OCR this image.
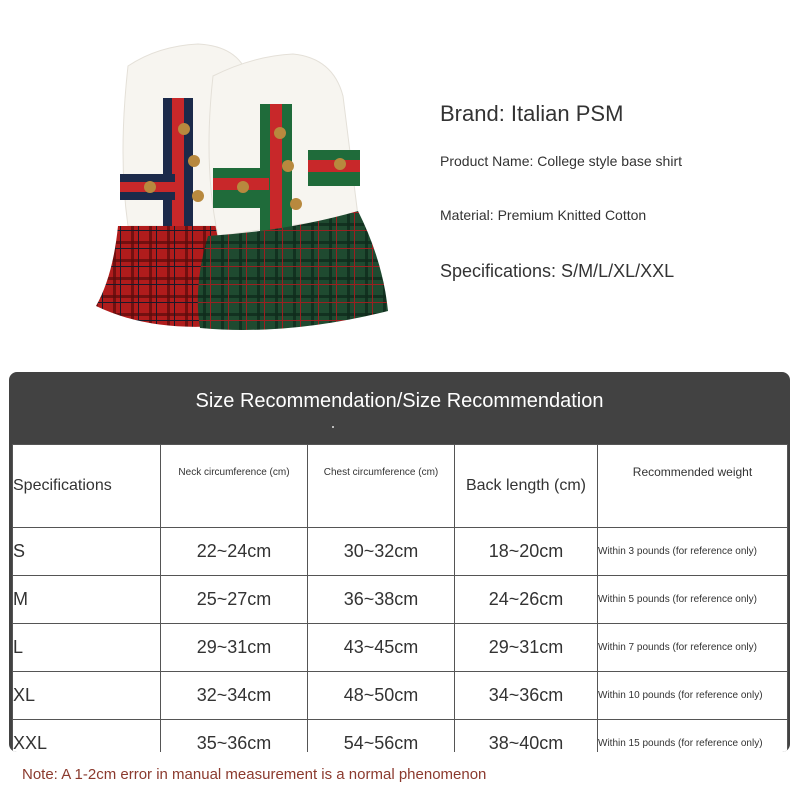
Brand: Italian PSM
Product Name: College style base shirt
Material: Premium Knitted Cotton
Specifications: S/M/L/XL/XXL
Size Recommendation/Size Recommendation
Specifications	Neck circumference (cm)	Chest circumference (cm)	Back length (cm)	Recommended weight
S	22~24cm	30~32cm	18~20cm	Within 3 pounds (for reference only)
M	25~27cm	36~38cm	24~26cm	Within 5 pounds (for reference only)
L	29~31cm	43~45cm	29~31cm	Within 7 pounds (for reference only)
XL	32~34cm	48~50cm	34~36cm	Within 10 pounds (for reference only)
XXL	35~36cm	54~56cm	38~40cm	Within 15 pounds (for reference only)
Note: A 1-2cm error in manual measurement is a normal phenomenon
